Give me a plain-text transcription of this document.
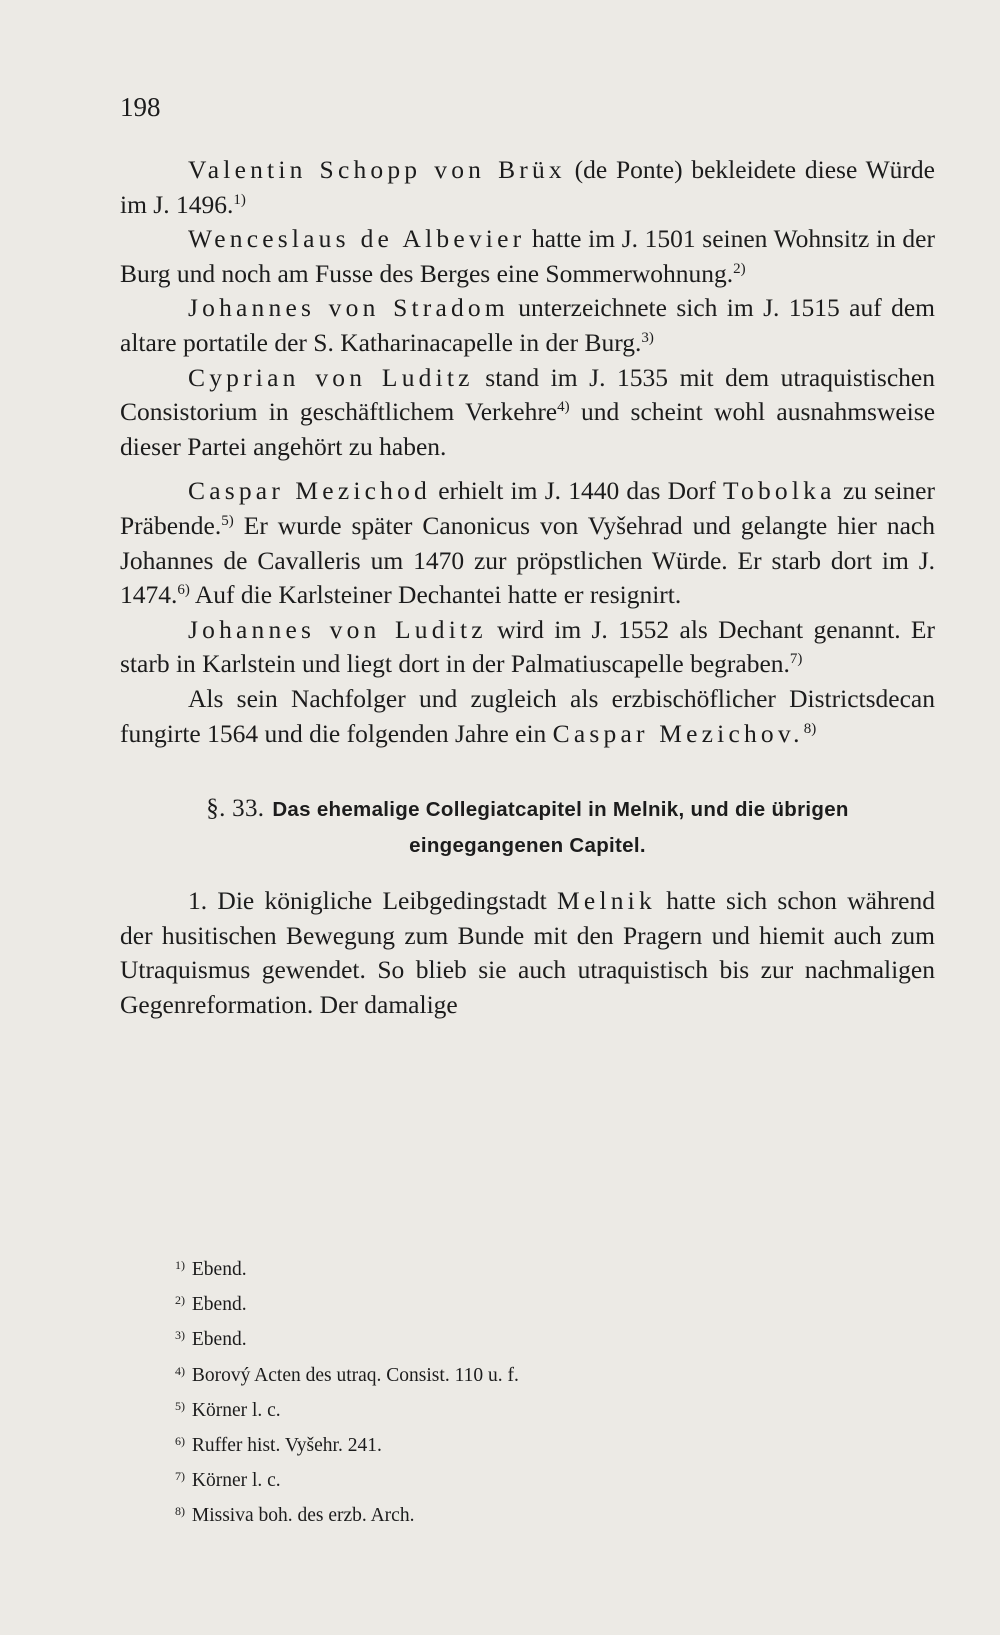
198

Valentin Schopp von Brüx (de Ponte) bekleidete diese Würde im J. 1496.$^{1)}$

Wenceslaus de Albevier hatte im J. 1501 seinen Wohnsitz in der Burg und noch am Fusse des Berges eine Sommerwohnung.$^{2)}$

Johannes von Stradom unterzeichnete sich im J. 1515 auf dem altare portatile der S. Katharinacapelle in der Burg.$^{3)}$

Cyprian von Luditz stand im J. 1535 mit dem utraquistischen Consistorium in geschäftlichem Verkehre$^{4)}$ und scheint wohl ausnahmsweise dieser Partei angehört zu haben.

Caspar Mezichod erhielt im J. 1440 das Dorf Tobolka zu seiner Präbende.$^{5)}$ Er wurde später Canonicus von Vyšehrad und gelangte hier nach Johannes de Cavalleris um 1470 zur pröpstlichen Würde. Er starb dort im J. 1474.$^{6)}$ Auf die Karlsteiner Dechantei hatte er resignirt.

Johannes von Luditz wird im J. 1552 als Dechant genannt. Er starb in Karlstein und liegt dort in der Palmatiuscapelle begraben.$^{7)}$

Als sein Nachfolger und zugleich als erzbischöflicher Districtsdecan fungirte 1564 und die folgenden Jahre ein Caspar Mezichov.$^{8)}$

§. 33. Das ehemalige Collegiatcapitel in Melnik, und die übrigen
eingegangenen Capitel.

1. Die königliche Leibgedingstadt Melnik hatte sich schon während der husitischen Bewegung zum Bunde mit den Pragern und hiemit auch zum Utraquismus gewendet. So blieb sie auch utraquistisch bis zur nachmaligen Gegenreformation. Der damalige

$^{1)}$ Ebend.

$^{2)}$ Ebend.

$^{3)}$ Ebend.

$^{4)}$ Borový Acten des utraq. Consist. 110 u. f.

$^{5)}$ Körner l. c.

$^{6)}$ Ruffer hist. Vyšehr. 241.

$^{7)}$ Körner l. c.

$^{8)}$ Missiva boh. des erzb. Arch.
